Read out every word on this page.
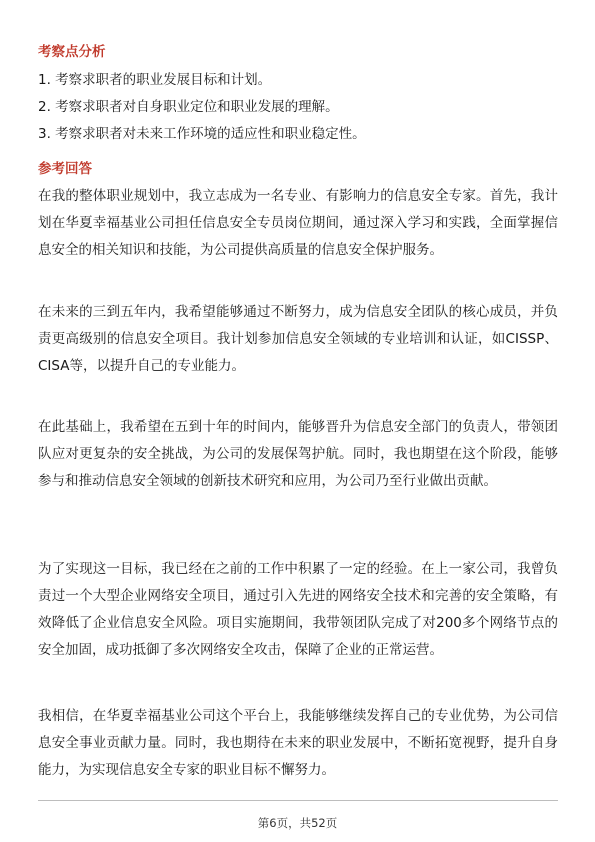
考察点分析
1. 考察求职者的职业发展目标和计划。
2. 考察求职者对自身职业定位和职业发展的理解。
3. 考察求职者对未来工作环境的适应性和职业稳定性。
参考回答
在我的整体职业规划中，我立志成为一名专业、有影响力的信息安全专家。首先，我计划在华夏幸福基业公司担任信息安全专员岗位期间，通过深入学习和实践，全面掌握信息安全的相关知识和技能，为公司提供高质量的信息安全保护服务。
在未来的三到五年内，我希望能够通过不断努力，成为信息安全团队的核心成员，并负责更高级别的信息安全项目。我计划参加信息安全领域的专业培训和认证，如CISSP、CISA等，以提升自己的专业能力。
在此基础上，我希望在五到十年的时间内，能够晋升为信息安全部门的负责人，带领团队应对更复杂的安全挑战，为公司的发展保驾护航。同时，我也期望在这个阶段，能够参与和推动信息安全领域的创新技术研究和应用，为公司乃至行业做出贡献。
为了实现这一目标，我已经在之前的工作中积累了一定的经验。在上一家公司，我曾负责过一个大型企业网络安全项目，通过引入先进的网络安全技术和完善的安全策略，有效降低了企业信息安全风险。项目实施期间，我带领团队完成了对200多个网络节点的安全加固，成功抵御了多次网络安全攻击，保障了企业的正常运营。
我相信，在华夏幸福基业公司这个平台上，我能够继续发挥自己的专业优势，为公司信息安全事业贡献力量。同时，我也期待在未来的职业发展中，不断拓宽视野，提升自身能力，为实现信息安全专家的职业目标不懈努力。
第6页，共52页
